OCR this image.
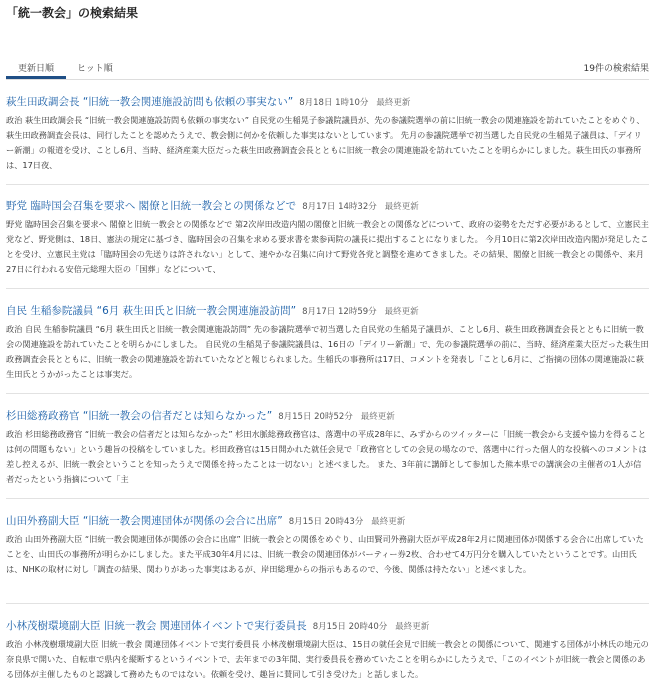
「統一教会」の検索結果
更新日順	ヒット順	19件の検索結果
萩生田政調会長 “旧統一教会関連施設訪問も依頼の事実ない” 8月18日 1時10分 最終更新

政治 萩生田政調会長 “旧統一教会関連施設訪問も依頼の事実ない” 自民党の生稲晃子参議院議員が、先の参議院選挙の前に旧統一教会の関連施設を訪れていたことをめぐり、萩生田政務調査会長は、同行したことを認めたうえで、教会側に何かを依頼した事実はないとしています。 先月の参議院選挙で初当選した自民党の生稲晃子議員は、「デイリー新潮」の報道を受け、ことし6月、当時、経済産業大臣だった萩生田政務調査会長とともに旧統一教会の関連施設を訪れていたことを明らかにしました。萩生田氏の事務所は、17日夜、

野党 臨時国会召集を要求へ 閣僚と旧統一教会との関係などで 8月17日 14時32分 最終更新

野党 臨時国会召集を要求へ 閣僚と旧統一教会との関係などで 第2次岸田改造内閣の閣僚と旧統一教会との関係などについて、政府の姿勢をただす必要があるとして、立憲民主党など、野党側は、18日、憲法の規定に基づき、臨時国会の召集を求める要求書を衆参両院の議長に提出することになりました。 今月10日に第2次岸田改造内閣が発足したことを受け、立憲民主党は「臨時国会の先送りは許されない」として、速やかな召集に向けて野党各党と調整を進めてきました。その結果、閣僚と旧統一教会との関係や、来月27日に行われる安倍元総理大臣の「国葬」などについて、

自民 生稲参院議員 “6月 萩生田氏と旧統一教会関連施設訪問” 8月17日 12時59分 最終更新

政治 自民 生稲参院議員 “6月 萩生田氏と旧統一教会関連施設訪問” 先の参議院選挙で初当選した自民党の生稲晃子議員が、ことし6月、萩生田政務調査会長とともに旧統一教会の関連施設を訪れていたことを明らかにしました。 自民党の生稲晃子参議院議員は、16日の「デイリー新潮」で、先の参議院選挙の前に、当時、経済産業大臣だった萩生田政務調査会長とともに、旧統一教会の関連施設を訪れていたなどと報じられました。生稲氏の事務所は17日、コメントを発表し「ことし6月に、ご指摘の団体の関連施設に萩生田氏とうかがったことは事実だ。

杉田総務政務官 “旧統一教会の信者だとは知らなかった” 8月15日 20時52分 最終更新

政治 杉田総務政務官 “旧統一教会の信者だとは知らなかった” 杉田水脈総務政務官は、落選中の平成28年に、みずからのツイッターに「旧統一教会から支援や協力を得ることは何の問題もない」という趣旨の投稿をしていました。杉田政務官は15日開かれた就任会見で「政務官としての会見の場なので、落選中に行った個人的な投稿へのコメントは差し控えるが、旧統一教会ということを知ったうえで関係を持ったことは一切ない」と述べました。 また、3年前に講師として参加した熊本県での講演会の主催者の1人が信者だったという指摘について「主

山田外務副大臣 “旧統一教会関連団体が関係の会合に出席” 8月15日 20時43分 最終更新

政治 山田外務副大臣 “旧統一教会関連団体が関係の会合に出席” 旧統一教会との関係をめぐり、山田賢司外務副大臣が平成28年2月に関連団体が関係する会合に出席していたことを、山田氏の事務所が明らかにしました。また平成30年4月には、旧統一教会の関連団体がパーティー券2枚、合わせて4万円分を購入していたということです。山田氏は、NHKの取材に対し「調査の結果、関わりがあった事実はあるが、岸田総理からの指示もあるので、今後、関係は持たない」と述べました。

小林茂樹環境副大臣 旧統一教会 関連団体イベントで実行委員長 8月15日 20時40分 最終更新

政治 小林茂樹環境副大臣 旧統一教会 関連団体イベントで実行委員長 小林茂樹環境副大臣は、15日の就任会見で旧統一教会との関係について、関連する団体が小林氏の地元の奈良県で開いた、自転車で県内を縦断するというイベントで、去年までの3年間、実行委員長を務めていたことを明らかにしたうえで、「このイベントが旧統一教会と関係のある団体が主催したものと認識して務めたものではない。依頼を受け、趣旨に賛同して引き受けた」と話しました。
